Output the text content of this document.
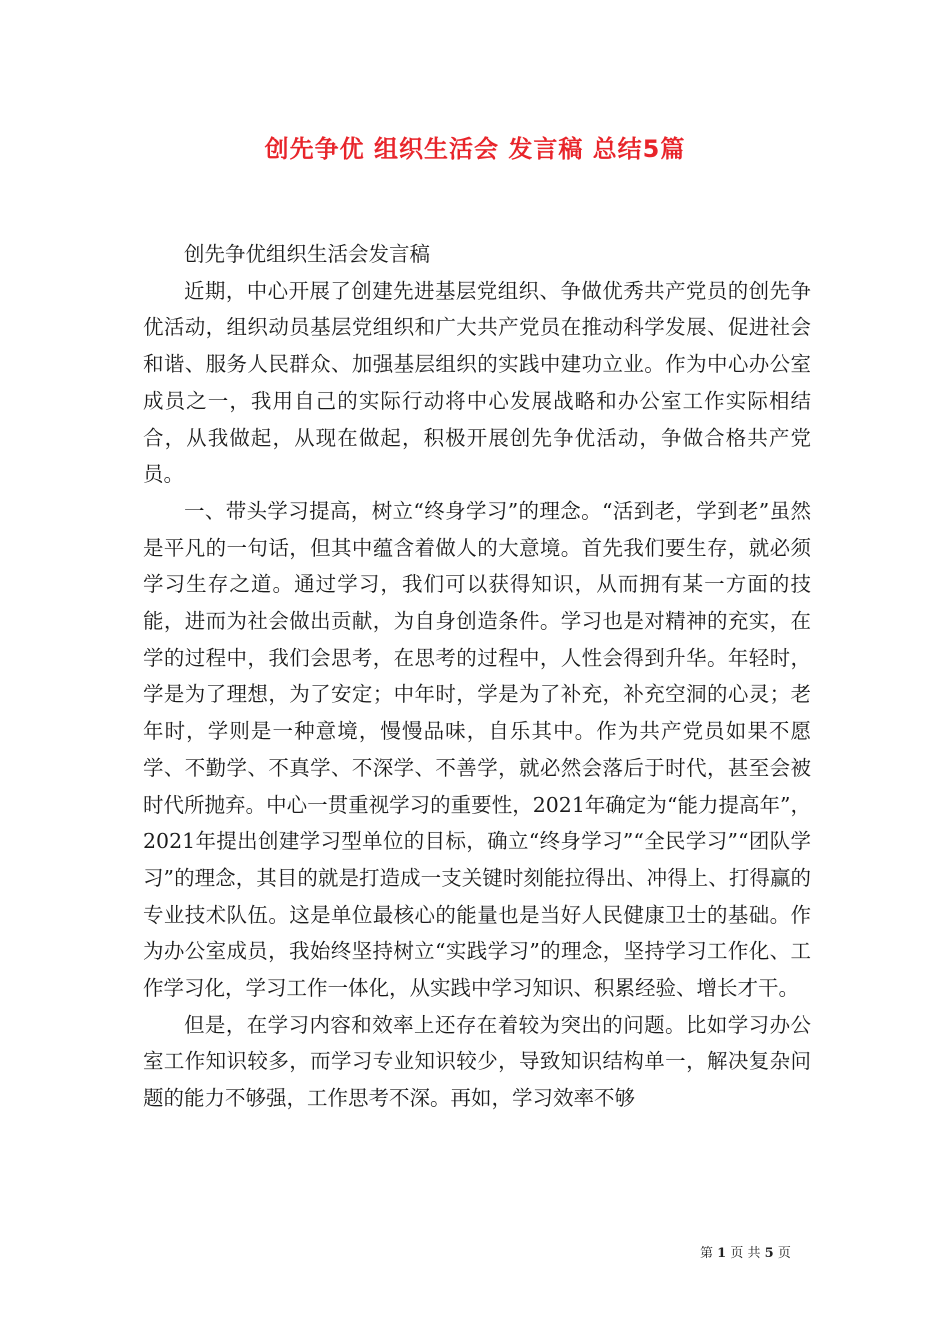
创先争优 组织生活会 发言稿 总结5篇

创先争优组织生活会发言稿

近期，中心开展了创建先进基层党组织、争做优秀共产党员的创先争优活动，组织动员基层党组织和广大共产党员在推动科学发展、促进社会和谐、服务人民群众、加强基层组织的实践中建功立业。作为中心办公室成员之一，我用自己的实际行动将中心发展战略和办公室工作实际相结合，从我做起，从现在做起，积极开展创先争优活动，争做合格共产党员。

一、带头学习提高，树立“终身学习”的理念。“活到老，学到老”虽然是平凡的一句话，但其中蕴含着做人的大意境。首先我们要生存，就必须学习生存之道。通过学习，我们可以获得知识，从而拥有某一方面的技能，进而为社会做出贡献，为自身创造条件。学习也是对精神的充实，在学的过程中，我们会思考，在思考的过程中，人性会得到升华。年轻时，学是为了理想，为了安定；中年时，学是为了补充，补充空洞的心灵；老年时，学则是一种意境，慢慢品味，自乐其中。作为共产党员如果不愿学、不勤学、不真学、不深学、不善学，就必然会落后于时代，甚至会被时代所抛弃。中心一贯重视学习的重要性，2021年确定为“能力提高年”，2021年提出创建学习型单位的目标，确立“终身学习”“全民学习”“团队学习”的理念，其目的就是打造成一支关键时刻能拉得出、冲得上、打得赢的专业技术队伍。这是单位最核心的能量也是当好人民健康卫士的基础。作为办公室成员，我始终坚持树立“实践学习”的理念，坚持学习工作化、工作学习化，学习工作一体化，从实践中学习知识、积累经验、增长才干。

但是，在学习内容和效率上还存在着较为突出的问题。比如学习办公室工作知识较多，而学习专业知识较少，导致知识结构单一，解决复杂问题的能力不够强，工作思考不深。再如，学习效率不够

第 1 页 共 5 页
